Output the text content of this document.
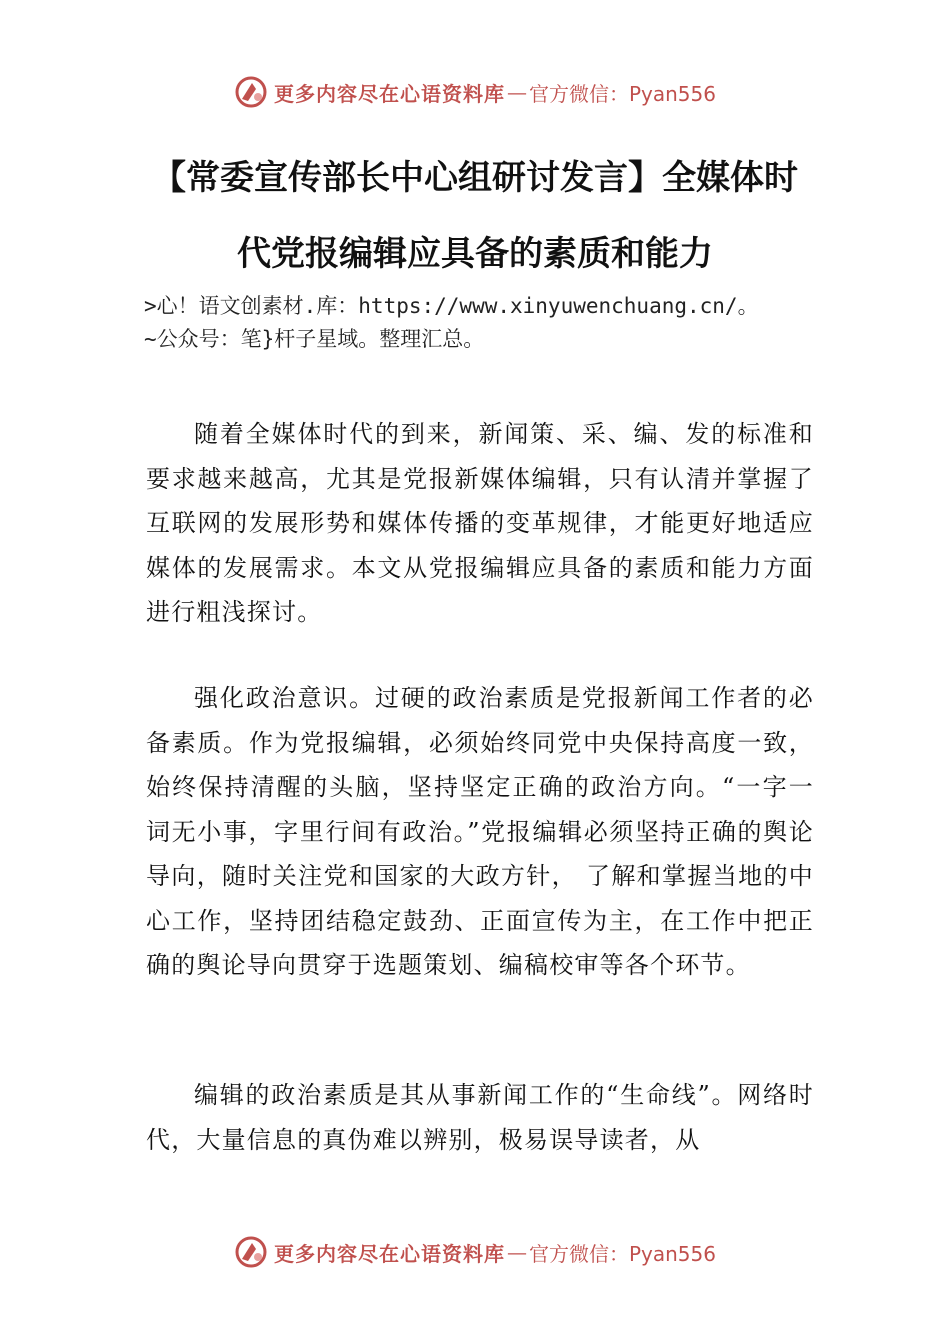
更多内容尽在心语资料库 — 官方微信：Pyan556
【常委宣传部长中心组研讨发言】全媒体时
代党报编辑应具备的素质和能力
>心！语文创素材.库：https://www.xinyuwenchuang.cn/。
~公众号：笔}杆子星域。整理汇总。

随着全媒体时代的到来，新闻策、采、编、发的标准和要求越来越高，尤其是党报新媒体编辑，只有认清并掌握了互联网的发展形势和媒体传播的变革规律，才能更好地适应媒体的发展需求。本文从党报编辑应具备的素质和能力方面进行粗浅探讨。

强化政治意识。过硬的政治素质是党报新闻工作者的必备素质。作为党报编辑，必须始终同党中央保持高度一致，始终保持清醒的头脑，坚持坚定正确的政治方向。“一字一词无小事，字里行间有政治。”党报编辑必须坚持正确的舆论导向，随时关注党和国家的大政方针， 了解和掌握当地的中心工作，坚持团结稳定鼓劲、正面宣传为主，在工作中把正确的舆论导向贯穿于选题策划、编稿校审等各个环节。

编辑的政治素质是其从事新闻工作的“生命线”。网络时代，大量信息的真伪难以辨别，极易误导读者，从

更多内容尽在心语资料库 — 官方微信：Pyan556
